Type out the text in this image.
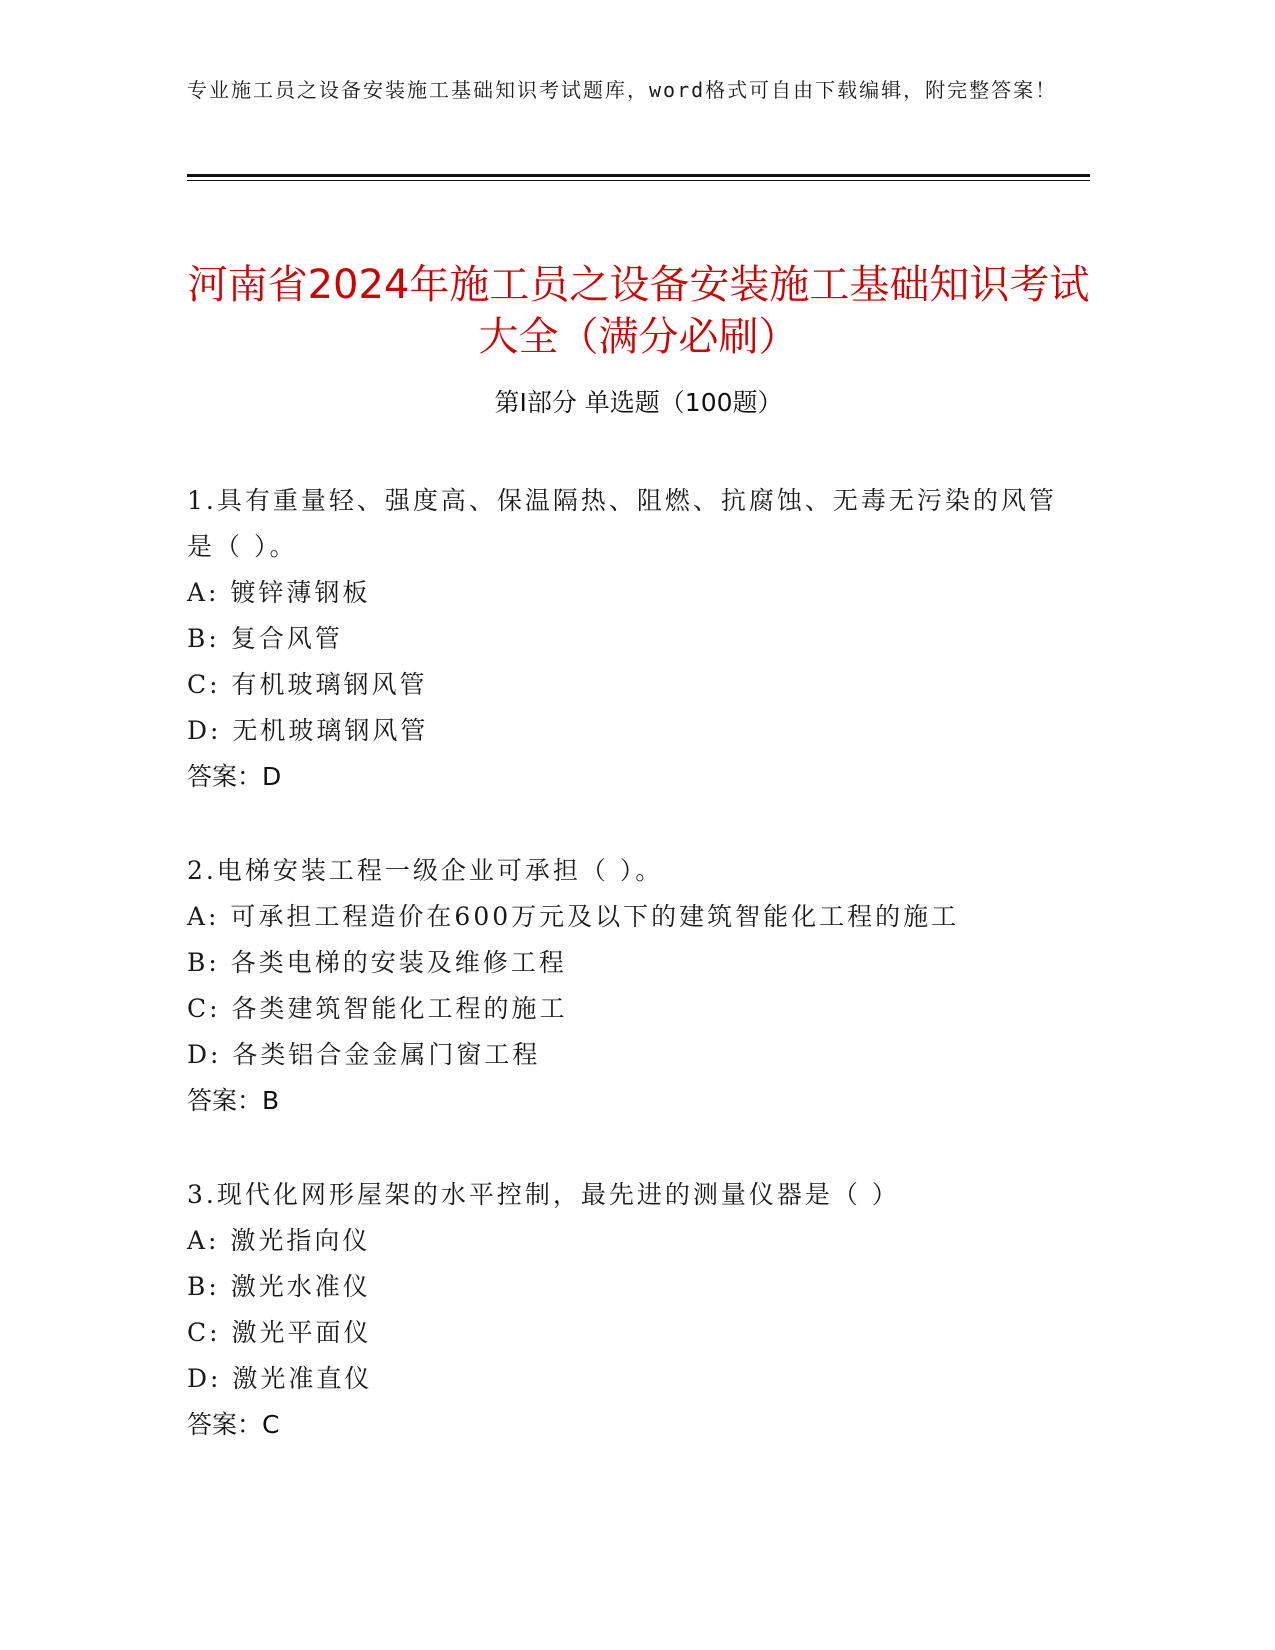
专业施工员之设备安装施工基础知识考试题库，word格式可自由下载编辑，附完整答案！
河南省2024年施工员之设备安装施工基础知识考试大全（满分必刷）
第I部分 单选题（100题）
1.具有重量轻、强度高、保温隔热、阻燃、抗腐蚀、无毒无污染的风管是（ ）。
A: 镀锌薄钢板
B: 复合风管
C: 有机玻璃钢风管
D: 无机玻璃钢风管
答案：D
2.电梯安装工程一级企业可承担（ ）。
A: 可承担工程造价在600万元及以下的建筑智能化工程的施工
B: 各类电梯的安装及维修工程
C: 各类建筑智能化工程的施工
D: 各类铝合金金属门窗工程
答案：B
3.现代化网形屋架的水平控制，最先进的测量仪器是（ ）
A: 激光指向仪
B: 激光水准仪
C: 激光平面仪
D: 激光准直仪
答案：C
